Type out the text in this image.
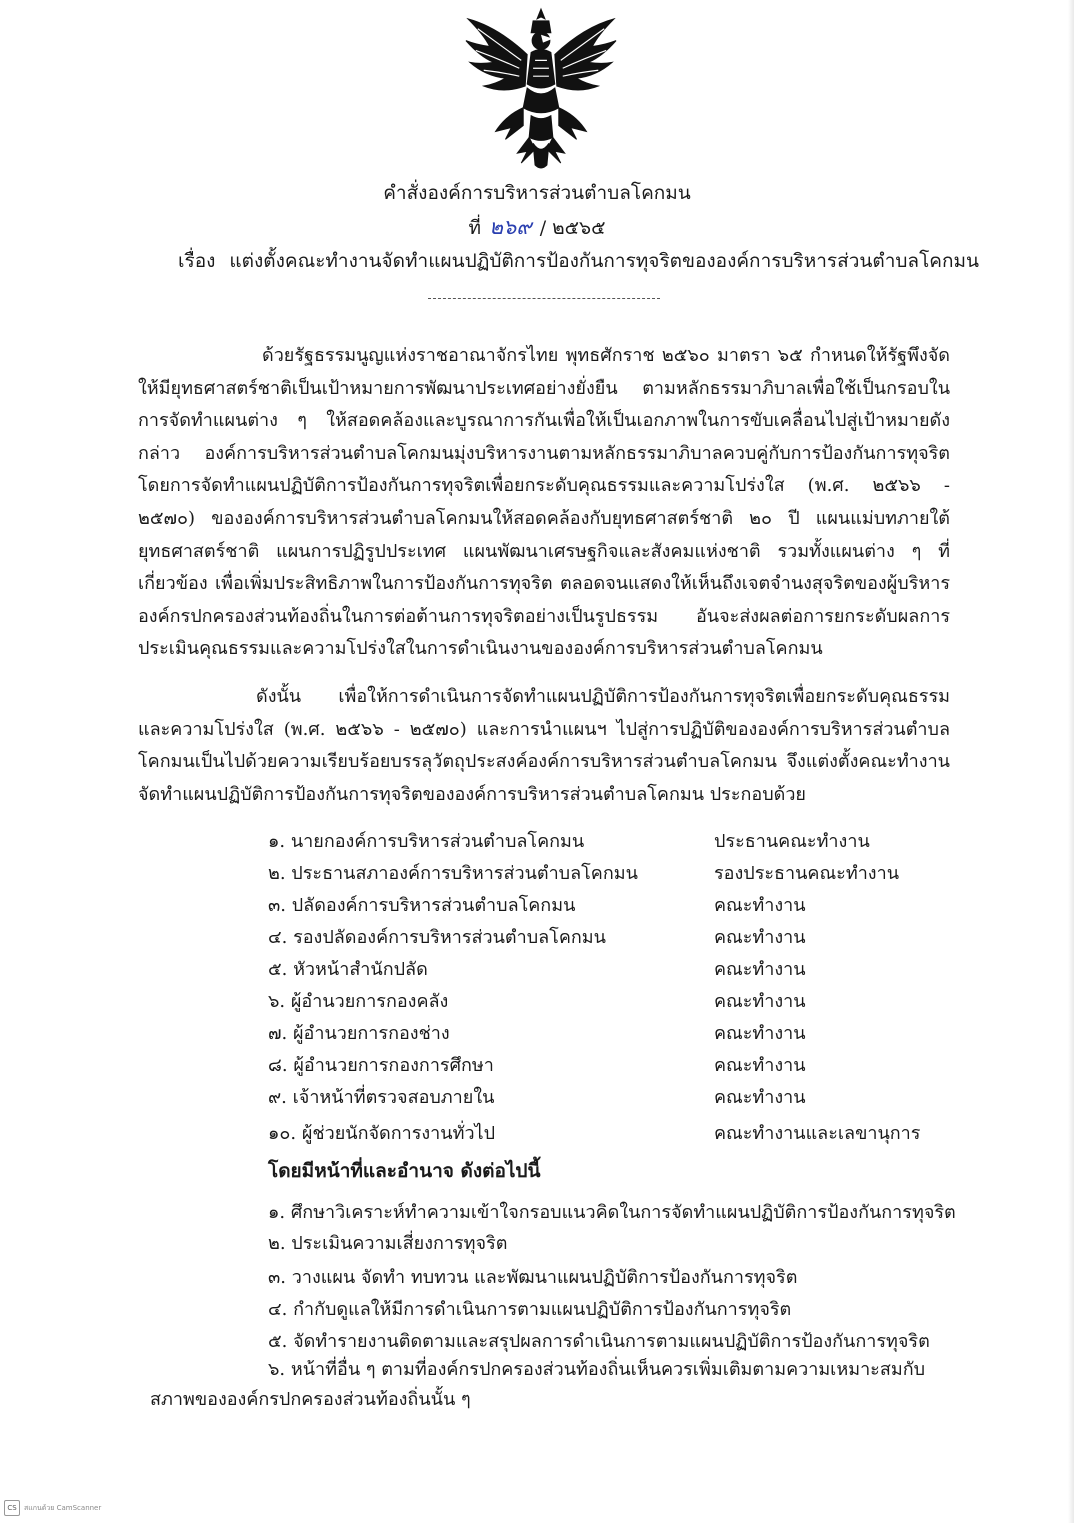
คำสั่งองค์การบริหารส่วนตำบลโคกมน
ที่ ๒๖๙ / ๒๕๖๕
เรื่อง แต่งตั้งคณะทำงานจัดทำแผนปฏิบัติการป้องกันการทุจริตขององค์การบริหารส่วนตำบลโคกมน

ด้วยรัฐธรรมนูญแห่งราชอาณาจักรไทย พุทธศักราช ๒๕๖๐ มาตรา ๖๕ กำหนดให้รัฐพึงจัดให้มียุทธศาสตร์ชาติเป็นเป้าหมายการพัฒนาประเทศอย่างยั่งยืน ตามหลักธรรมาภิบาลเพื่อใช้เป็นกรอบในการจัดทำแผนต่าง ๆ ให้สอดคล้องและบูรณาการกันเพื่อให้เป็นเอกภาพในการขับเคลื่อนไปสู่เป้าหมายดังกล่าว องค์การบริหารส่วนตำบลโคกมนมุ่งบริหารงานตามหลักธรรมาภิบาลควบคู่กับการป้องกันการทุจริต โดยการจัดทำแผนปฏิบัติการป้องกันการทุจริตเพื่อยกระดับคุณธรรมและความโปร่งใส (พ.ศ. ๒๕๖๖ - ๒๕๗๐) ขององค์การบริหารส่วนตำบลโคกมนให้สอดคล้องกับยุทธศาสตร์ชาติ ๒๐ ปี แผนแม่บทภายใต้ยุทธศาสตร์ชาติ แผนการปฏิรูปประเทศ แผนพัฒนาเศรษฐกิจและสังคมแห่งชาติ รวมทั้งแผนต่าง ๆ ที่เกี่ยวข้อง เพื่อเพิ่มประสิทธิภาพในการป้องกันการทุจริต ตลอดจนแสดงให้เห็นถึงเจตจำนงสุจริตของผู้บริหารองค์กรปกครองส่วนท้องถิ่นในการต่อต้านการทุจริตอย่างเป็นรูปธรรม อันจะส่งผลต่อการยกระดับผลการประเมินคุณธรรมและความโปร่งใสในการดำเนินงานขององค์การบริหารส่วนตำบลโคกมน

ดังนั้น เพื่อให้การดำเนินการจัดทำแผนปฏิบัติการป้องกันการทุจริตเพื่อยกระดับคุณธรรมและความโปร่งใส (พ.ศ. ๒๕๖๖ - ๒๕๗๐) และการนำแผนฯ ไปสู่การปฏิบัติขององค์การบริหารส่วนตำบลโคกมนเป็นไปด้วยความเรียบร้อยบรรลุวัตถุประสงค์องค์การบริหารส่วนตำบลโคกมน จึงแต่งตั้งคณะทำงานจัดทำแผนปฏิบัติการป้องกันการทุจริตขององค์การบริหารส่วนตำบลโคกมน ประกอบด้วย

๑. นายกองค์การบริหารส่วนตำบลโคกมน	ประธานคณะทำงาน
๒. ประธานสภาองค์การบริหารส่วนตำบลโคกมน	รองประธานคณะทำงาน
๓. ปลัดองค์การบริหารส่วนตำบลโคกมน	คณะทำงาน
๔. รองปลัดองค์การบริหารส่วนตำบลโคกมน	คณะทำงาน
๕. หัวหน้าสำนักปลัด	คณะทำงาน
๖. ผู้อำนวยการกองคลัง	คณะทำงาน
๗. ผู้อำนวยการกองช่าง	คณะทำงาน
๘. ผู้อำนวยการกองการศึกษา	คณะทำงาน
๙. เจ้าหน้าที่ตรวจสอบภายใน	คณะทำงาน
๑๐. ผู้ช่วยนักจัดการงานทั่วไป	คณะทำงานและเลขานุการ
โดยมีหน้าที่และอำนาจ ดังต่อไปนี้
๑. ศึกษาวิเคราะห์ทำความเข้าใจกรอบแนวคิดในการจัดทำแผนปฏิบัติการป้องกันการทุจริต
๒. ประเมินความเสี่ยงการทุจริต
๓. วางแผน จัดทำ ทบทวน และพัฒนาแผนปฏิบัติการป้องกันการทุจริต
๔. กำกับดูแลให้มีการดำเนินการตามแผนปฏิบัติการป้องกันการทุจริต
๕. จัดทำรายงานติดตามและสรุปผลการดำเนินการตามแผนปฏิบัติการป้องกันการทุจริต

๖. หน้าที่อื่น ๆ ตามที่องค์กรปกครองส่วนท้องถิ่นเห็นควรเพิ่มเติมตามความเหมาะสมกับสภาพขององค์กรปกครองส่วนท้องถิ่นนั้น ๆ

CS	สแกนด้วย CamScanner
